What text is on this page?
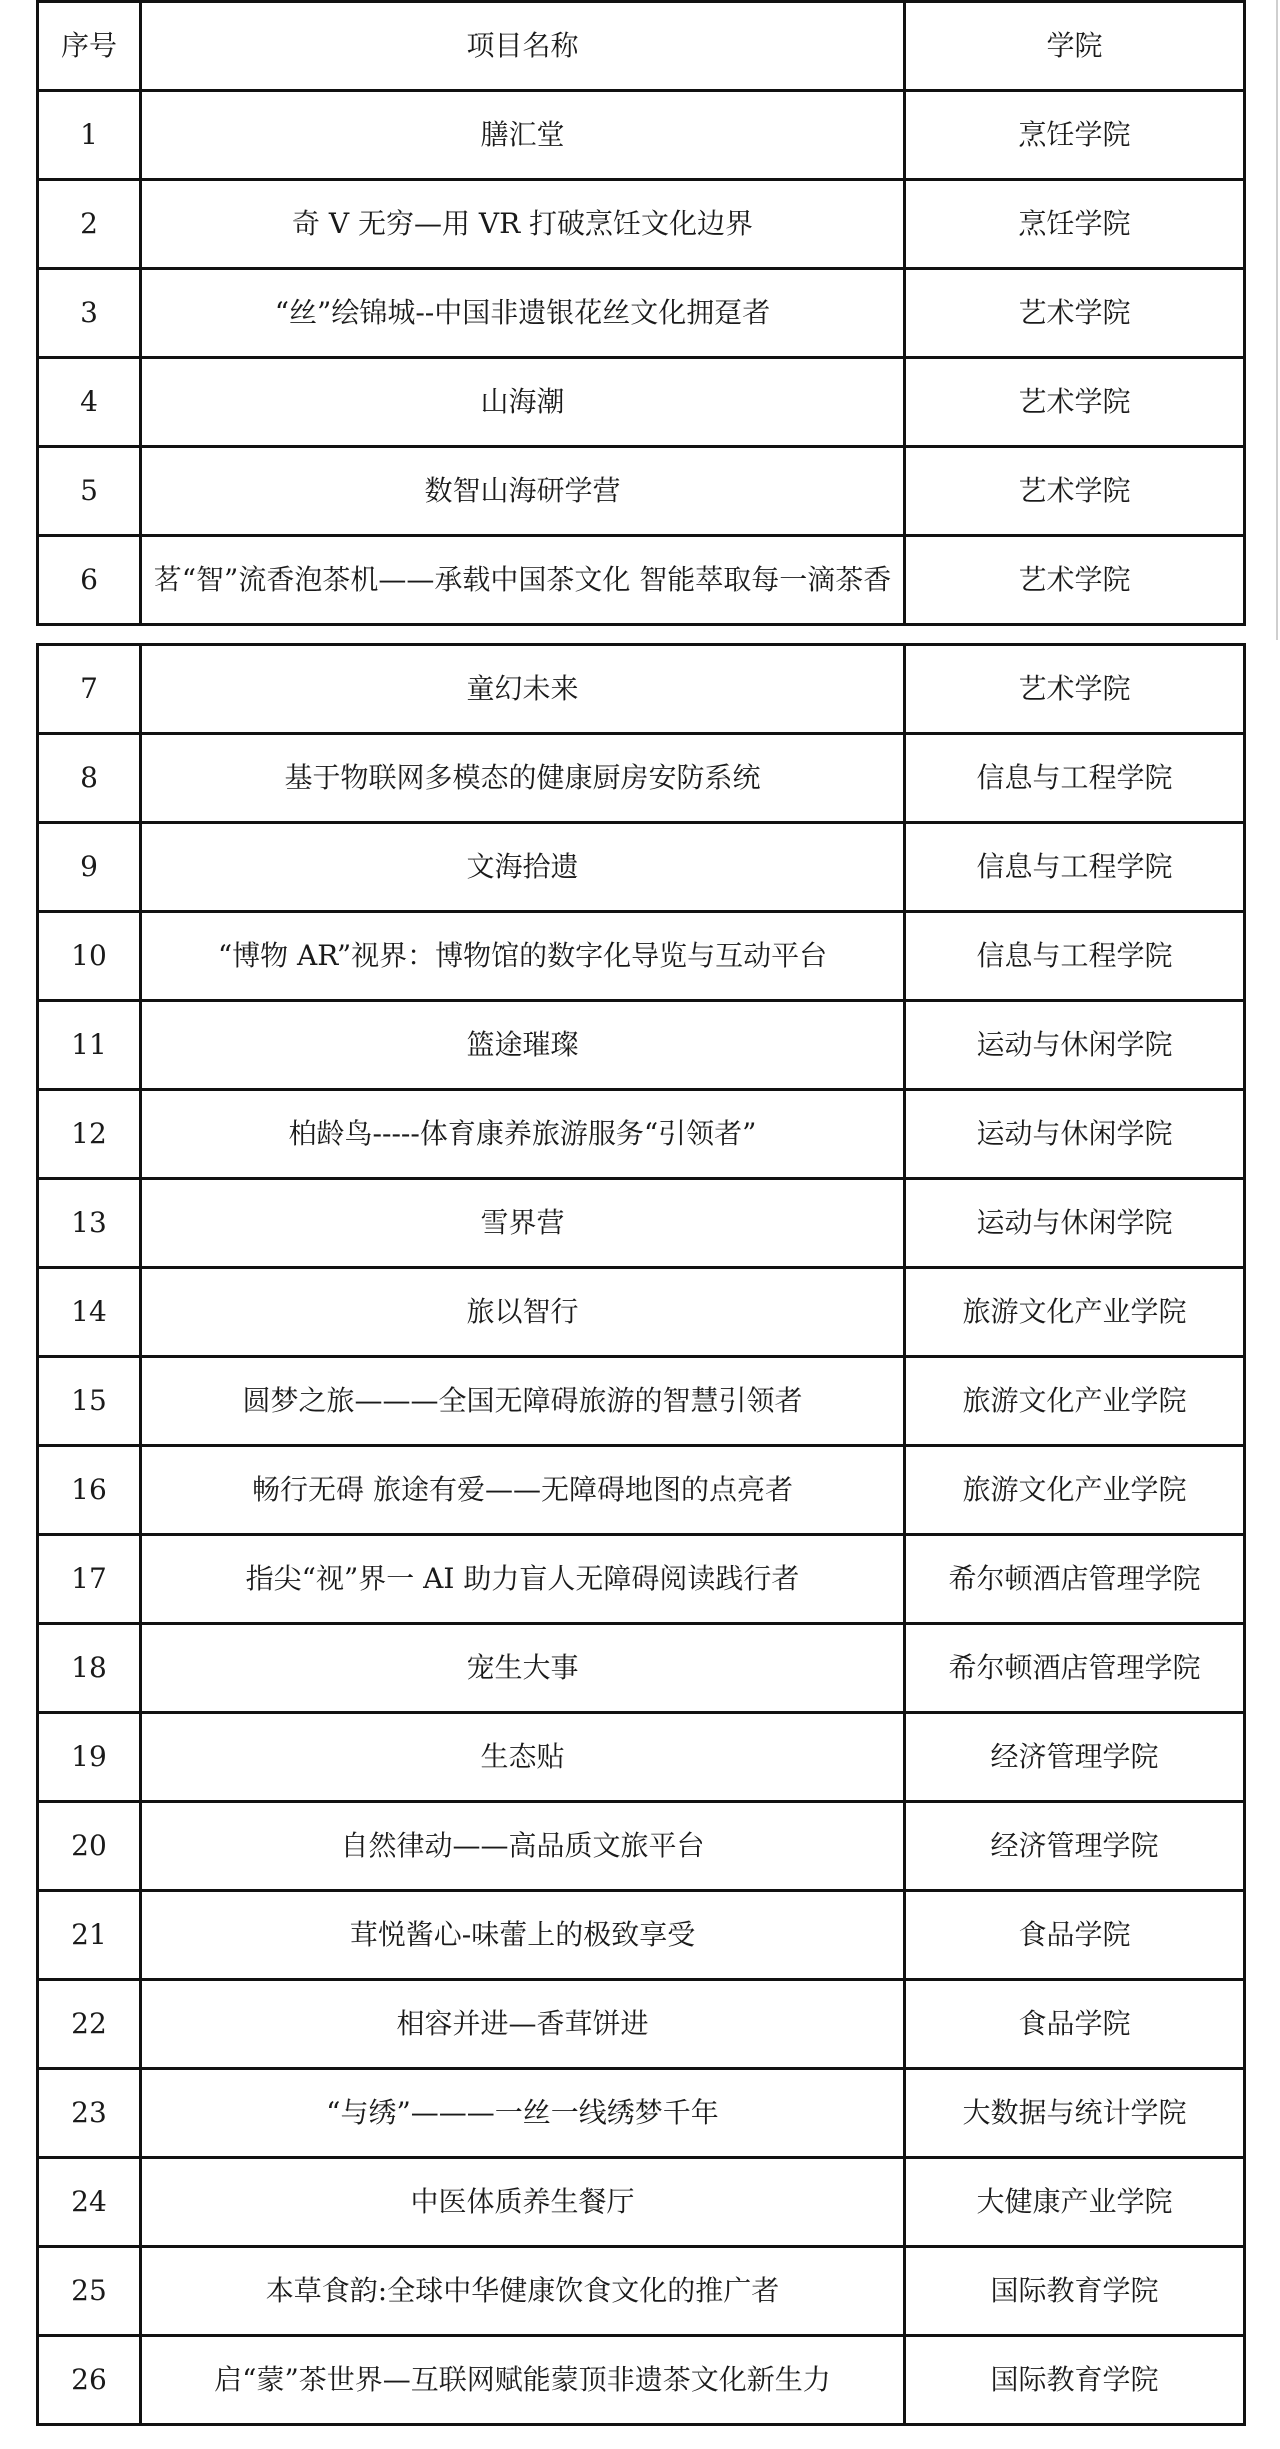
序号	项目名称	学院
1	膳汇堂	烹饪学院
2	奇 V 无穷—用 VR 打破烹饪文化边界	烹饪学院
3	“丝”绘锦城--中国非遗银花丝文化拥趸者	艺术学院
4	山海潮	艺术学院
5	数智山海研学营	艺术学院
6	茗“智”流香泡茶机——承载中国茶文化 智能萃取每一滴茶香	艺术学院
7	童幻未来	艺术学院
8	基于物联网多模态的健康厨房安防系统	信息与工程学院
9	文海拾遗	信息与工程学院
10	“博物 AR”视界：博物馆的数字化导览与互动平台	信息与工程学院
11	篮途璀璨	运动与休闲学院
12	柏龄鸟-----体育康养旅游服务“引领者”	运动与休闲学院
13	雪界营	运动与休闲学院
14	旅以智行	旅游文化产业学院
15	圆梦之旅———全国无障碍旅游的智慧引领者	旅游文化产业学院
16	畅行无碍 旅途有爱——无障碍地图的点亮者	旅游文化产业学院
17	指尖“视”界一 AI 助力盲人无障碍阅读践行者	希尔顿酒店管理学院
18	宠生大事	希尔顿酒店管理学院
19	生态贴	经济管理学院
20	自然律动——高品质文旅平台	经济管理学院
21	茸悦酱心-味蕾上的极致享受	食品学院
22	相容并进—香茸饼进	食品学院
23	“与绣”———一丝一线绣梦千年	大数据与统计学院
24	中医体质养生餐厅	大健康产业学院
25	本草食韵:全球中华健康饮食文化的推广者	国际教育学院
26	启“蒙”茶世界—互联网赋能蒙顶非遗茶文化新生力	国际教育学院
